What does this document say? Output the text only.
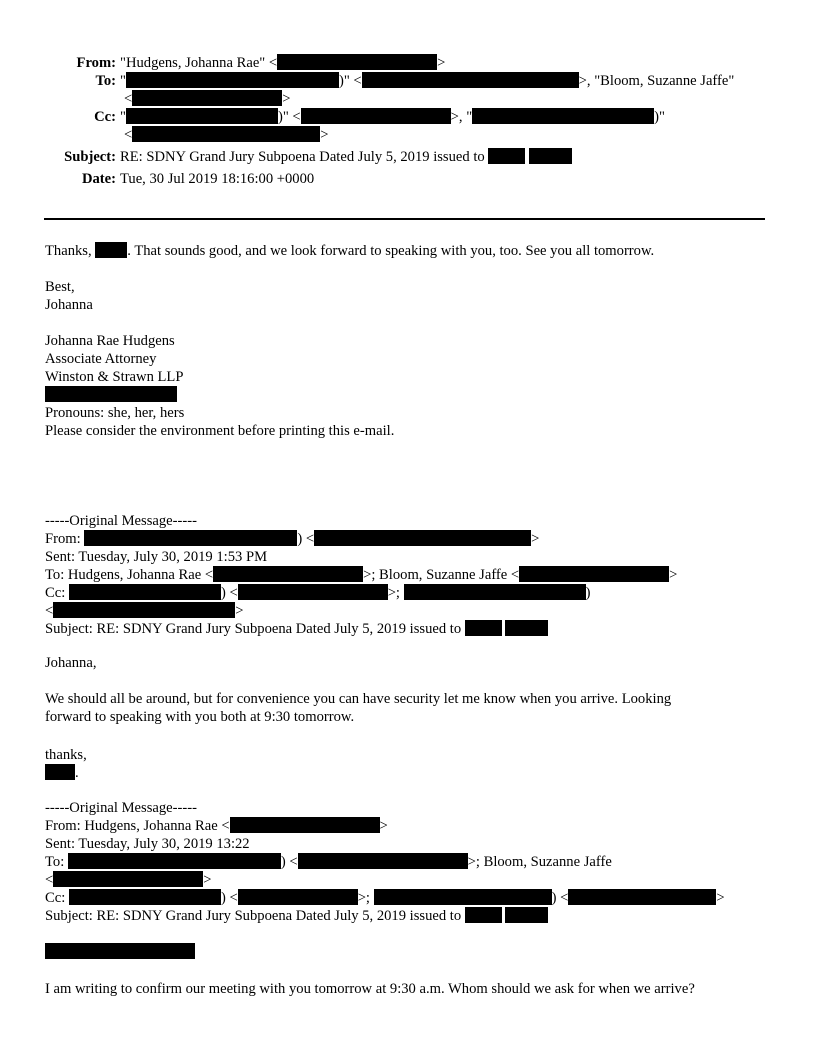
From: "Hudgens, Johanna Rae" <	>
To: "	)" <	>, "Bloom, Suzanne Jaffe"
<	>
Cc: "	)" <	>, "	)"
<	>
Subject: RE: SDNY Grand Jury Subpoena Dated July 5, 2019 issued to
Date: Tue, 30 Jul 2019 18:16:00 +0000
Thanks, . That sounds good, and we look forward to speaking with you, too. See you all tomorrow.
Best,
Johanna
Johanna Rae Hudgens
Associate Attorney
Winston & Strawn LLP
Pronouns: she, her, hers
Please consider the environment before printing this e-mail.
-----Original Message-----
From:	) <	>
Sent: Tuesday, July 30, 2019 1:53 PM
To: Hudgens, Johanna Rae <	>; Bloom, Suzanne Jaffe <	>
Cc:	) <	>;	)
<	>
Subject: RE: SDNY Grand Jury Subpoena Dated July 5, 2019 issued to
Johanna,
We should all be around, but for convenience you can have security let me know when you arrive. Looking
forward to speaking with you both at 9:30 tomorrow.
thanks,
.
-----Original Message-----
From: Hudgens, Johanna Rae <	>
Sent: Tuesday, July 30, 2019 13:22
To:	) <	>; Bloom, Suzanne Jaffe
<	>
Cc:	) <	>;	) <	>
Subject: RE: SDNY Grand Jury Subpoena Dated July 5, 2019 issued to
I am writing to confirm our meeting with you tomorrow at 9:30 a.m. Whom should we ask for when we arrive?
